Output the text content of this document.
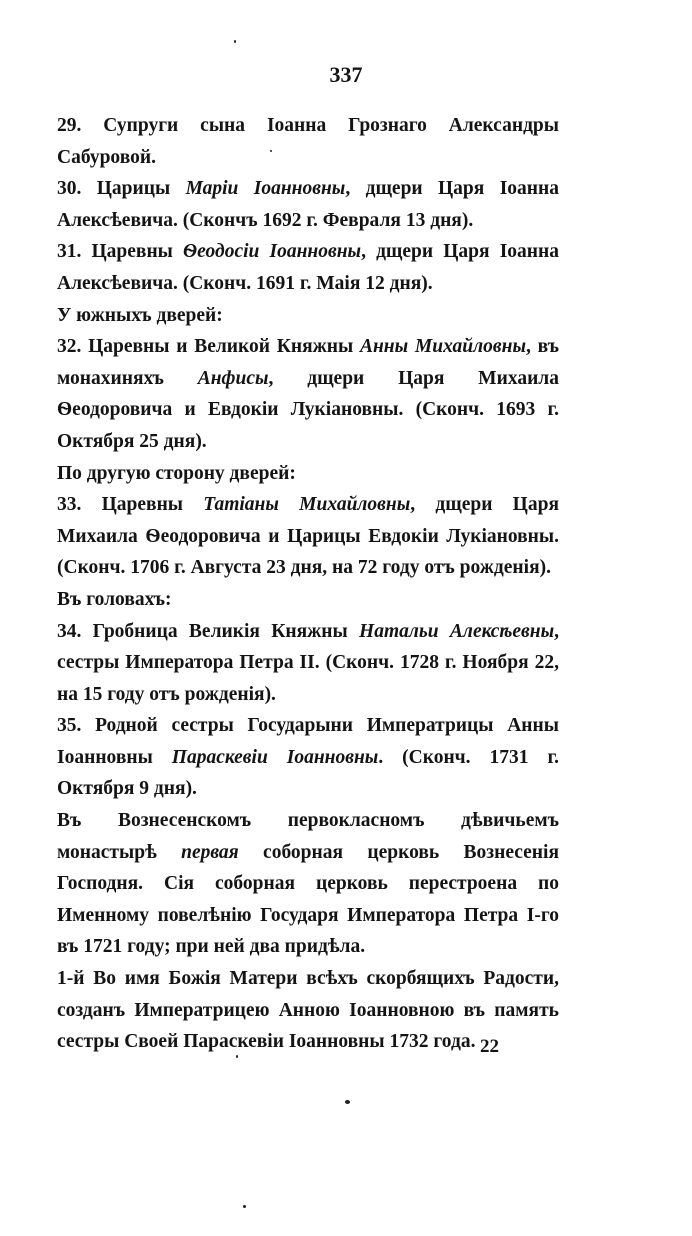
337

29. Супруги сына Іоанна Грознаго Александры Сабуровой.

30. Царицы Маріи Іоанновны, дщери Царя Іоанна Алексѣевича. (Скончъ 1692 г. Февраля 13 дня).

31. Царевны Ѳеодосіи Іоанновны, дщери Царя Іоанна Алексѣевича. (Сконч. 1691 г. Маія 12 дня).

У южныхъ дверей:

32. Царевны и Великой Княжны Анны Михайловны, въ монахиняхъ Анфисы, дщери Царя Михаила Ѳеодоровича и Евдокіи Лукіановны. (Сконч. 1693 г. Октября 25 дня).

По другую сторону дверей:

33. Царевны Татіаны Михайловны, дщери Царя Михаила Ѳеодоровича и Царицы Евдокіи Лукіановны. (Сконч. 1706 г. Августа 23 дня, на 72 году отъ рожденія).

Въ головахъ:

34. Гробница Великія Княжны Натальи Алексѣевны, сестры Императора Петра II. (Сконч. 1728 г. Ноября 22, на 15 году отъ рожденія).

35. Родной сестры Государыни Императрицы Анны Іоанновны Параскевіи Іоанновны. (Сконч. 1731 г. Октября 9 дня).

Въ Вознесенскомъ первокласномъ дѣвичьемъ монастырѣ первая соборная церковь Вознесенія Господня. Сія соборная церковь перестроена по Именному повелѣнію Государя Императора Петра I-го въ 1721 году; при ней два придѣла.

1-й Во имя Божія Матери всѣхъ скорбящихъ Радости, созданъ Императрицею Анною Іоанновною въ память сестры Своей Параскевіи Іоанновны 1732 года. 22
